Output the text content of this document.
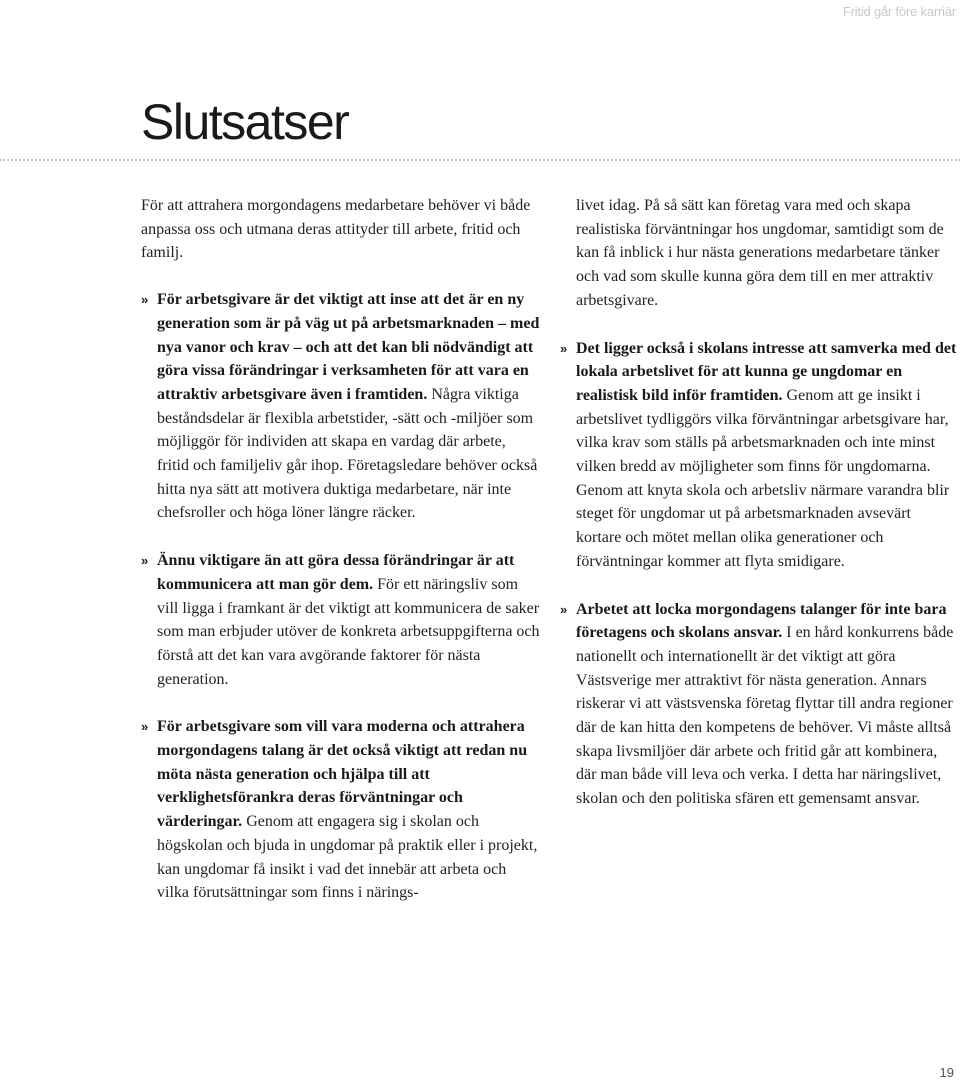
Fritid går före karriär
Slutsatser

För att attrahera morgondagens medarbetare behöver vi både anpassa oss och utmana deras attityder till arbete, fritid och familj.

» För arbetsgivare är det viktigt att inse att det är en ny generation som är på väg ut på arbetsmarknaden – med nya vanor och krav – och att det kan bli nödvändigt att göra vissa förändringar i verksamheten för att vara en attraktiv arbetsgivare även i framtiden. Några viktiga beståndsdelar är flexibla arbetstider, -sätt och -miljöer som möjliggör för individen att skapa en vardag där arbete, fritid och familjeliv går ihop. Företagsledare behöver också hitta nya sätt att motivera duktiga medarbetare, när inte chefsroller och höga löner längre räcker.

» Ännu viktigare än att göra dessa förändringar är att kommunicera att man gör dem. För ett näringsliv som vill ligga i framkant är det viktigt att kommunicera de saker som man erbjuder utöver de konkreta arbetsuppgifterna och förstå att det kan vara avgörande faktorer för nästa generation.

» För arbetsgivare som vill vara moderna och attrahera morgondagens talang är det också viktigt att redan nu möta nästa generation och hjälpa till att verklighetsförankra deras förväntningar och värderingar. Genom att engagera sig i skolan och högskolan och bjuda in ungdomar på praktik eller i projekt, kan ungdomar få insikt i vad det innebär att arbeta och vilka förutsättningar som finns i närings-

livet idag. På så sätt kan företag vara med och skapa realistiska förväntningar hos ungdomar, samtidigt som de kan få inblick i hur nästa generations medarbetare tänker och vad som skulle kunna göra dem till en mer attraktiv arbetsgivare.

» Det ligger också i skolans intresse att samverka med det lokala arbetslivet för att kunna ge ungdomar en realistisk bild inför framtiden. Genom att ge insikt i arbetslivet tydliggörs vilka förväntningar arbetsgivare har, vilka krav som ställs på arbetsmarknaden och inte minst vilken bredd av möjligheter som finns för ungdomarna. Genom att knyta skola och arbetsliv närmare varandra blir steget för ungdomar ut på arbetsmarknaden avsevärt kortare och mötet mellan olika generationer och förväntningar kommer att flyta smidigare.

» Arbetet att locka morgondagens talanger för inte bara företagens och skolans ansvar. I en hård konkurrens både nationellt och internationellt är det viktigt att göra Västsverige mer attraktivt för nästa generation. Annars riskerar vi att västsvenska företag flyttar till andra regioner där de kan hitta den kompetens de behöver. Vi måste alltså skapa livsmiljöer där arbete och fritid går att kombinera, där man både vill leva och verka. I detta har näringslivet, skolan och den politiska sfären ett gemensamt ansvar.

19
